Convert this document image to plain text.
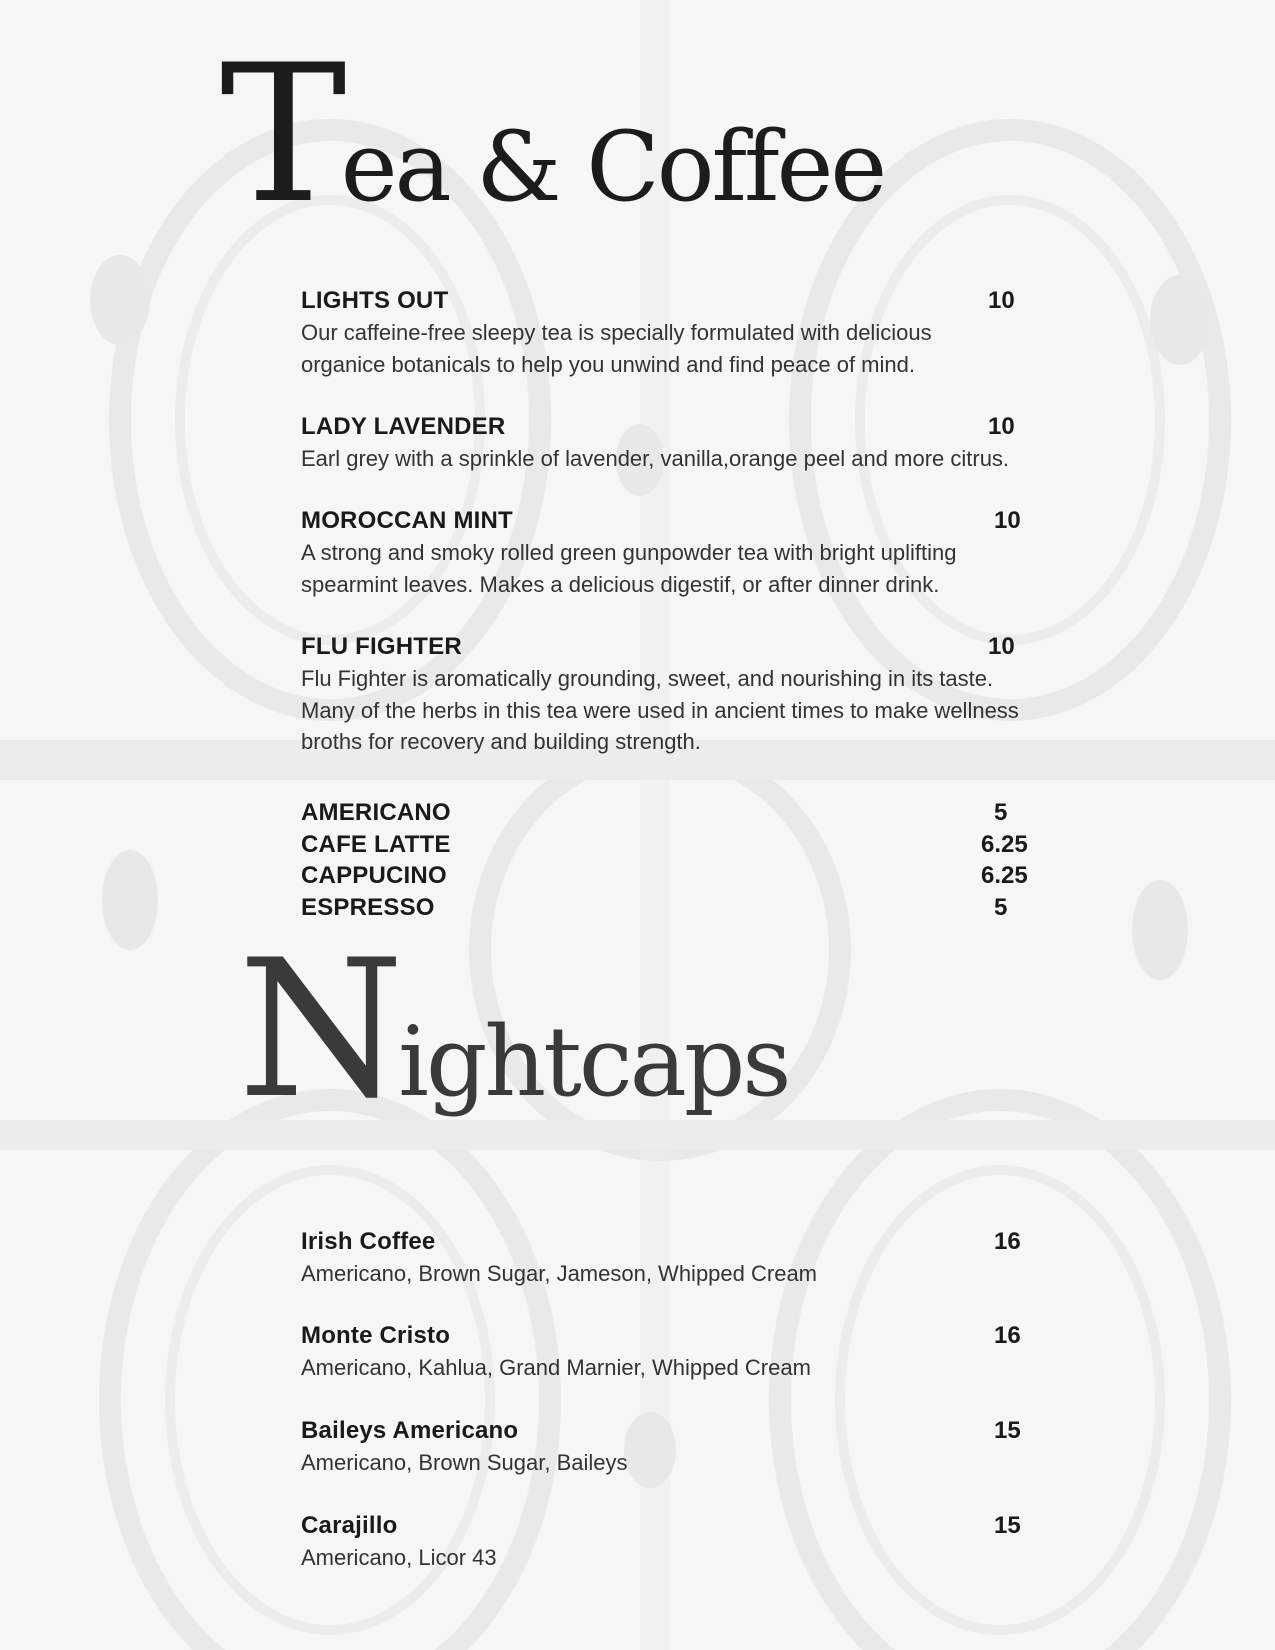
Tea & Coffee
LIGHTS OUT	10
Our caffeine-free sleepy tea is specially formulated with delicious organice botanicals to help you unwind and find peace of mind.
LADY LAVENDER	10
Earl grey with a sprinkle of lavender, vanilla,orange peel and more citrus.
MOROCCAN MINT	10
A strong and smoky rolled green gunpowder tea with bright uplifting spearmint leaves. Makes a delicious digestif, or after dinner drink.
FLU FIGHTER	10
Flu Fighter is aromatically grounding, sweet, and nourishing in its taste. Many of the herbs in this tea were used in ancient times to make wellness broths for recovery and building strength.
AMERICANO	5
CAFE LATTE	6.25
CAPPUCINO	6.25
ESPRESSO	5
Nightcaps
Irish Coffee	16
Americano, Brown Sugar, Jameson, Whipped Cream
Monte Cristo	16
Americano, Kahlua, Grand Marnier, Whipped Cream
Baileys Americano	15
Americano, Brown Sugar, Baileys
Carajillo	15
Americano, Licor 43
